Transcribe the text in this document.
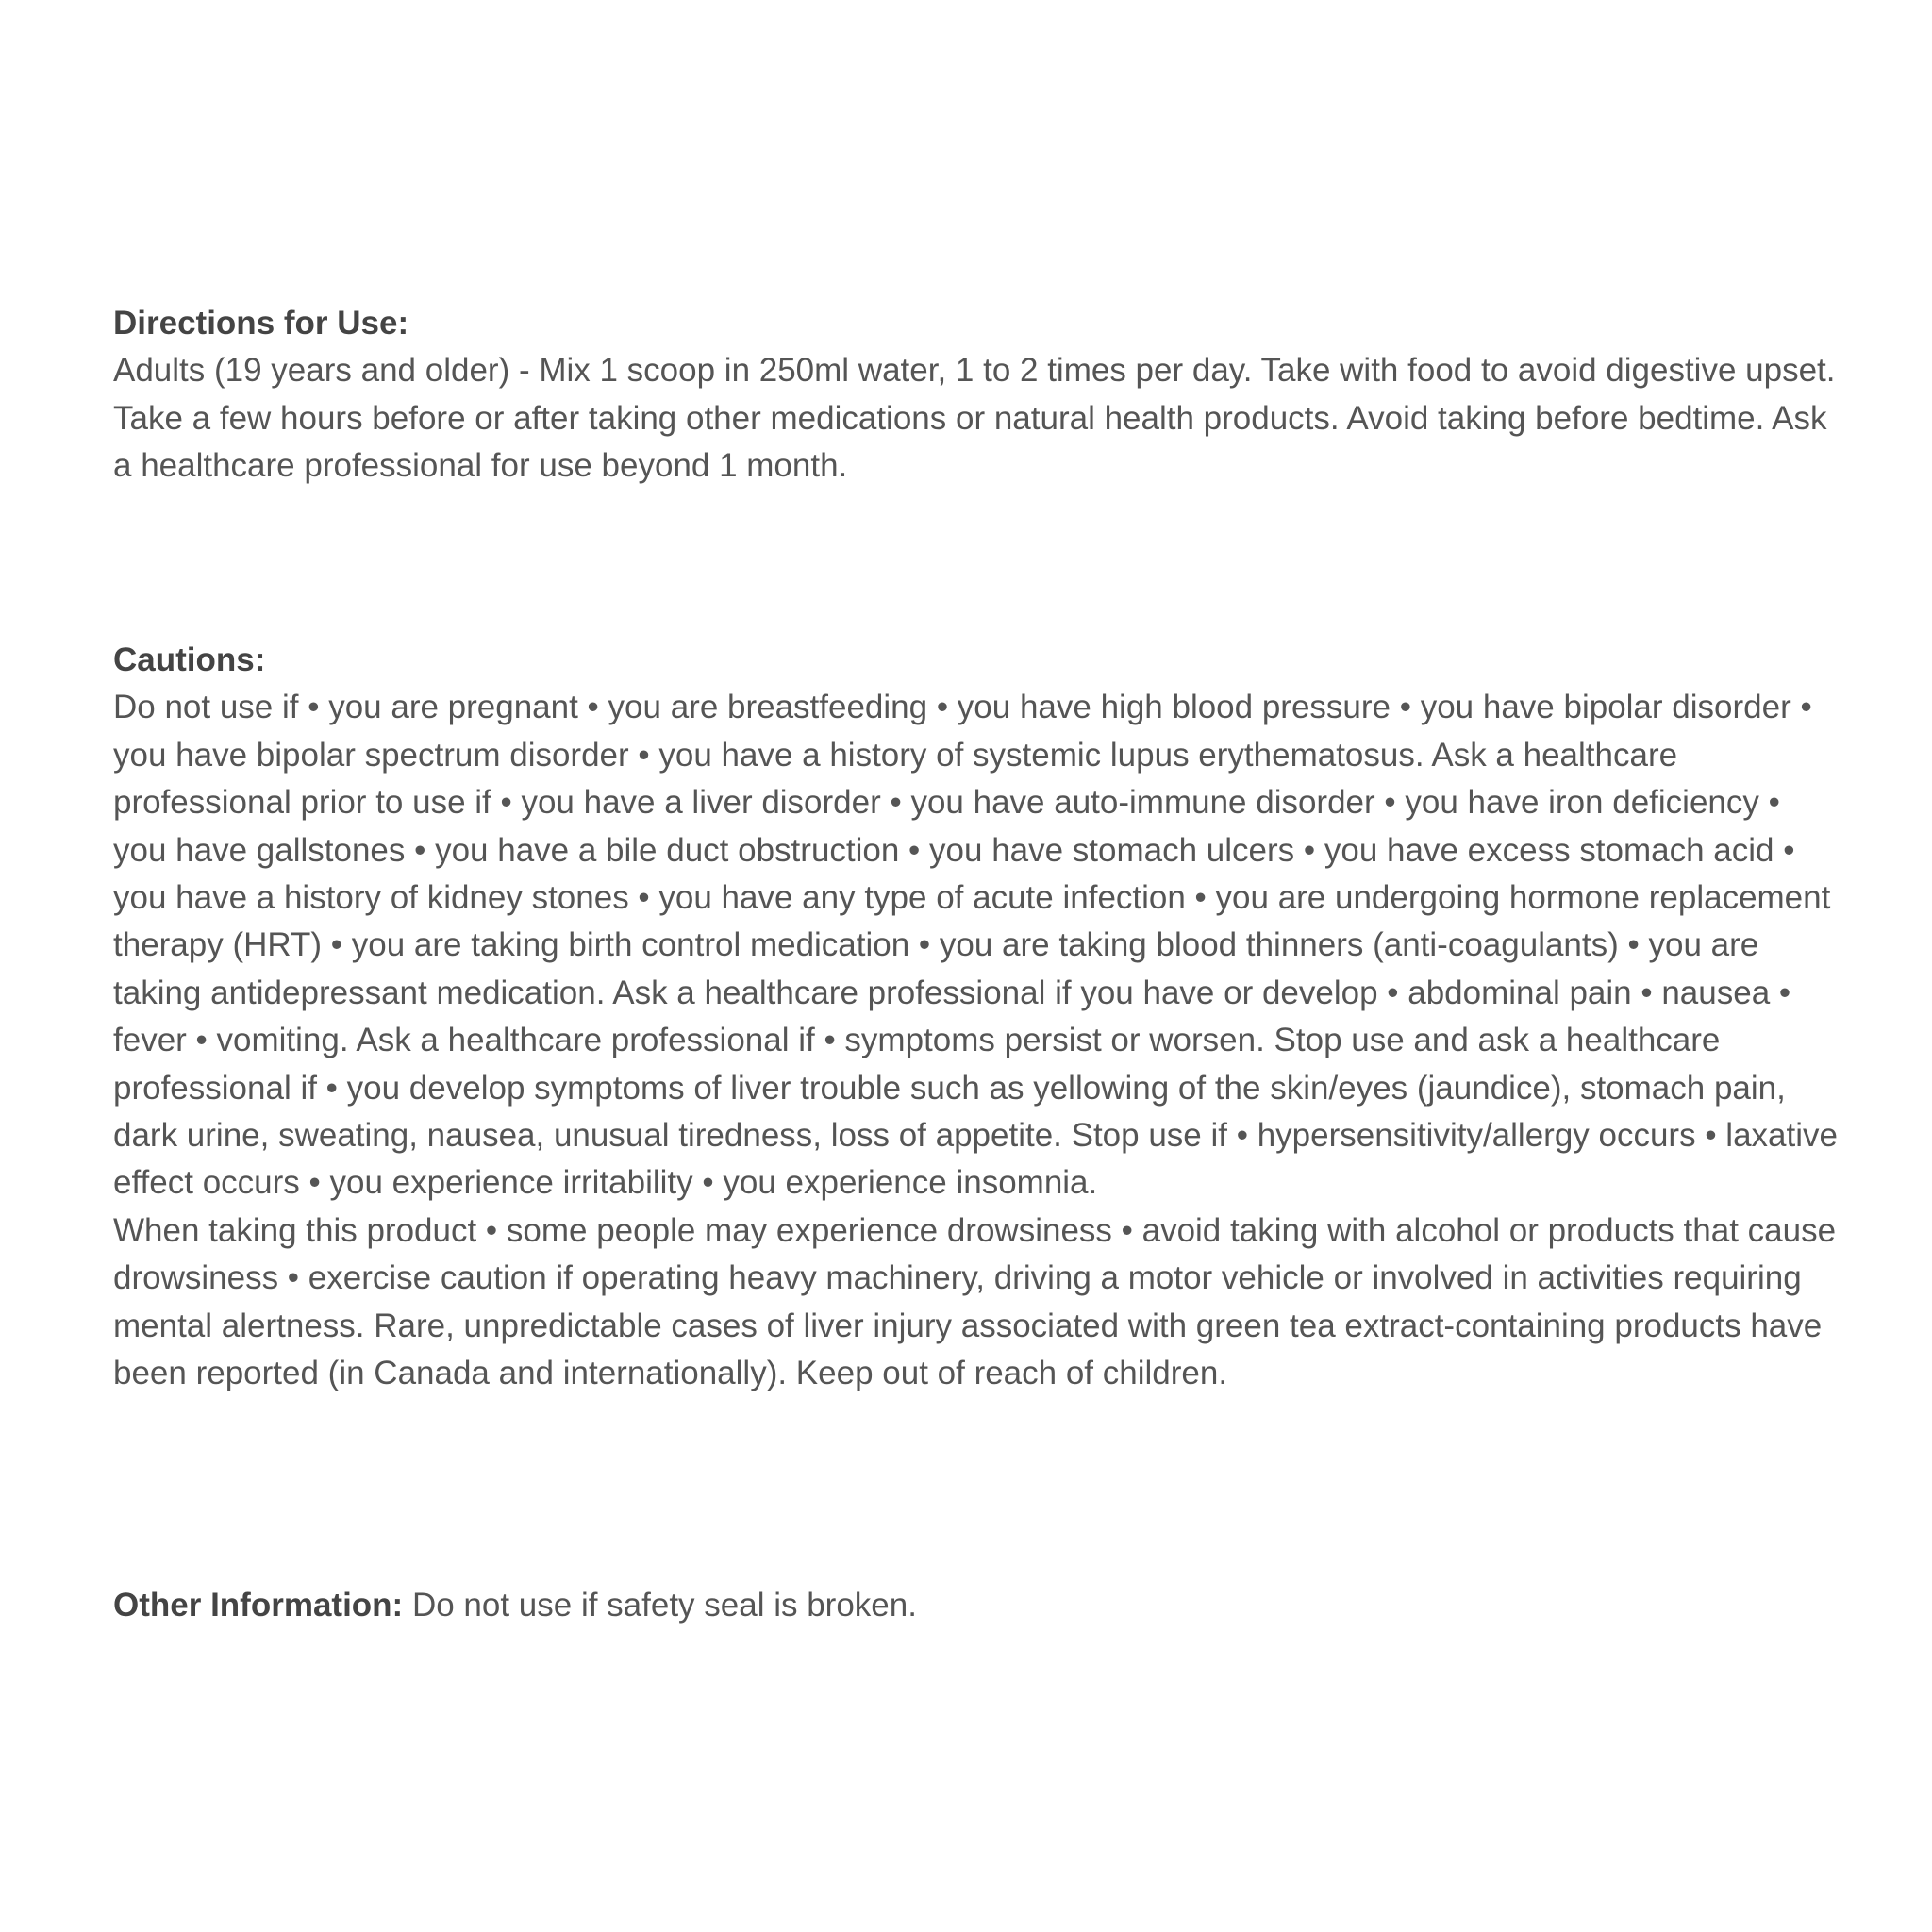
Directions for Use:

Adults (19 years and older) - Mix 1 scoop in 250ml water, 1 to 2 times per day. Take with food to avoid digestive upset. Take a few hours before or after taking other medications or natural health products. Avoid taking before bedtime. Ask a healthcare professional for use beyond 1 month.

Cautions:

Do not use if • you are pregnant • you are breastfeeding • you have high blood pressure • you have bipolar disorder • you have bipolar spectrum disorder • you have a history of systemic lupus erythematosus. Ask a healthcare professional prior to use if • you have a liver disorder • you have auto-immune disorder • you have iron deficiency • you have gallstones • you have a bile duct obstruction • you have stomach ulcers • you have excess stomach acid • you have a history of kidney stones • you have any type of acute infection • you are undergoing hormone replacement therapy (HRT) • you are taking birth control medication • you are taking blood thinners (anti-coagulants) • you are taking antidepressant medication. Ask a healthcare professional if you have or develop • abdominal pain • nausea • fever • vomiting. Ask a healthcare professional if • symptoms persist or worsen. Stop use and ask a healthcare professional if • you develop symptoms of liver trouble such as yellowing of the skin/eyes (jaundice), stomach pain, dark urine, sweating, nausea, unusual tiredness, loss of appetite. Stop use if • hypersensitivity/allergy occurs • laxative effect occurs • you experience irritability • you experience insomnia.

When taking this product • some people may experience drowsiness • avoid taking with alcohol or products that cause drowsiness • exercise caution if operating heavy machinery, driving a motor vehicle or involved in activities requiring mental alertness. Rare, unpredictable cases of liver injury associated with green tea extract-containing products have been reported (in Canada and internationally). Keep out of reach of children.

Other Information: Do not use if safety seal is broken.
